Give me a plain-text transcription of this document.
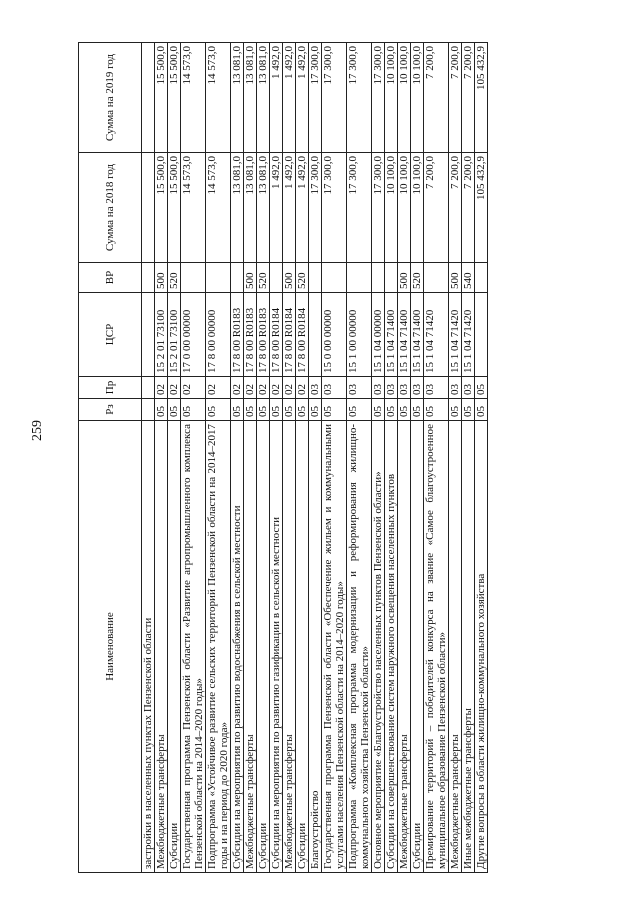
259
Наименование	Рз	Пр	ЦСР	ВР	Сумма на 2018 год	Сумма на 2019 год
застройки в населенных пунктах Пензенской области						
Межбюджетные трансферты	05	02	15 2 01 73100	500	15 500,0	15 500,0
Субсидии	05	02	15 2 01 73100	520	15 500,0	15 500,0
Государственная программа Пензенской области «Развитие агропромышленного комплекса Пензенской области на 2014–2020 годы»	05	02	17 0 00 00000		14 573,0	14 573,0
Подпрограмма «Устойчивое развитие сельских территорий Пензенской области на 2014–2017 годы и на период до 2020 года»	05	02	17 8 00 00000		14 573,0	14 573,0
Субсидии на мероприятия по развитию водоснабжения в сельской местности	05	02	17 8 00 R0183		13 081,0	13 081,0
Межбюджетные трансферты	05	02	17 8 00 R0183	500	13 081,0	13 081,0
Субсидии	05	02	17 8 00 R0183	520	13 081,0	13 081,0
Субсидии на мероприятия по развитию газификации в сельской местности	05	02	17 8 00 R0184		1 492,0	1 492,0
Межбюджетные трансферты	05	02	17 8 00 R0184	500	1 492,0	1 492,0
Субсидии	05	02	17 8 00 R0184	520	1 492,0	1 492,0
Благоустройство	05	03			17 300,0	17 300,0
Государственная программа Пензенской области «Обеспечение жильем и коммунальными услугами населения Пензенской области на 2014–2020 годы»	05	03	15 0 00 00000		17 300,0	17 300,0
Подпрограмма «Комплексная программа модернизации и реформирования жилищно-коммунального хозяйства Пензенской области»	05	03	15 1 00 00000		17 300,0	17 300,0
Основное мероприятие «Благоустройство населенных пунктов Пензенской области»	05	03	15 1 04 00000		17 300,0	17 300,0
Субсидии на совершенствование систем наружного освещения населенных пунктов	05	03	15 1 04 71400		10 100,0	10 100,0
Межбюджетные трансферты	05	03	15 1 04 71400	500	10 100,0	10 100,0
Субсидии	05	03	15 1 04 71400	520	10 100,0	10 100,0
Премирование территорий – победителей конкурса на звание «Самое благоустроенное муниципальное образование Пензенской области»	05	03	15 1 04 71420		7 200,0	7 200,0
Межбюджетные трансферты	05	03	15 1 04 71420	500	7 200,0	7 200,0
Иные межбюджетные трансферты	05	03	15 1 04 71420	540	7 200,0	7 200,0
Другие вопросы в области жилищно-коммунального хозяйства	05	05			105 432,9	105 432,9
